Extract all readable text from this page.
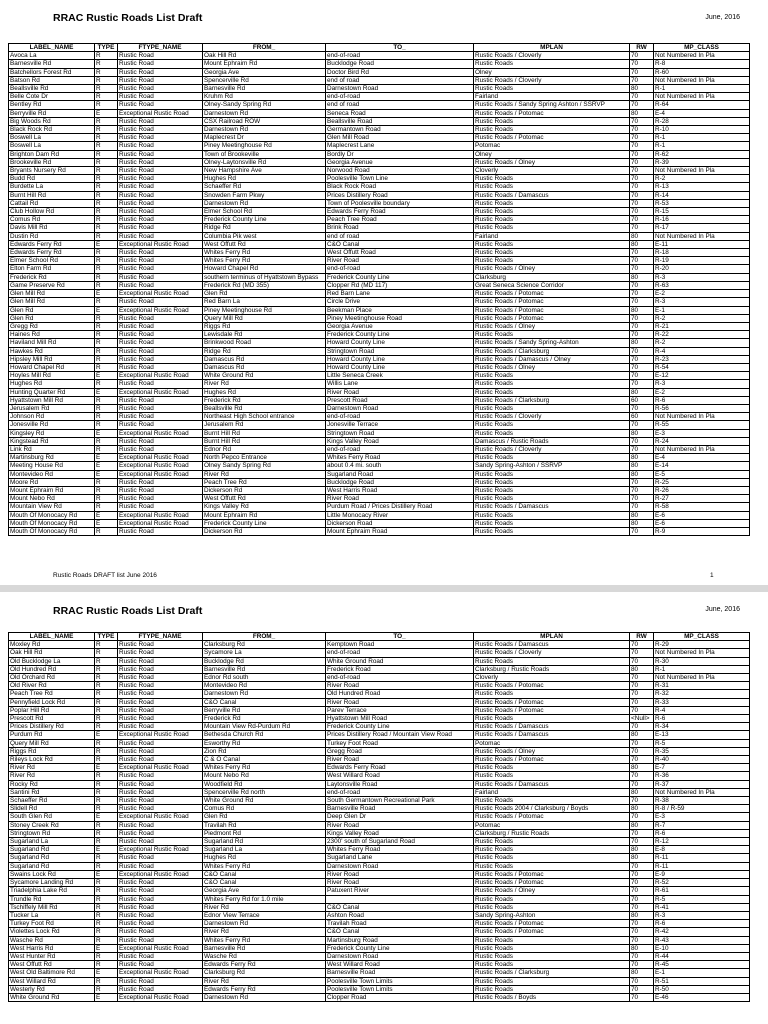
RRAC Rustic Roads List Draft	June, 2016
LABEL_NAME	TYPE	FTYPE_NAME	FROM_	TO_	MPLAN	RW	MP_CLASS
Avoca La	R	Rustic Road	Oak Hill Rd	end-of-road	Rustic Roads / Cloverly	70	Not Numbered In Pla
Barnesville Rd	R	Rustic Road	Mount Ephraim Rd	Bucklodge Road	Rustic Roads	70	R-8
Batchellors Forest Rd	R	Rustic Road	Georgia Ave	Doctor Bird Rd	Olney	70	R-60
Batson Rd	R	Rustic Road	Spencerville Rd	end of road	Rustic Roads / Cloverly	70	Not Numbered In Pla
Beallsville Rd	R	Rustic Road	Barnesville Rd	Darnestown Road	Rustic Roads	80	R-1
Belle Cote Dr	R	Rustic Road	Kruhm Rd	end-of-road	Fairland	70	Not Numbered In Pla
Bentley Rd	R	Rustic Road	Olney-Sandy Spring Rd	end of road	Rustic Roads / Sandy Spring Ashton / SSRVP	70	R-64
Berryville Rd	E	Exceptional Rustic Road	Darnestown Rd	Seneca Road	Rustic Roads / Potomac	80	E-4
Big Woods Rd	R	Rustic Road	CSX Railroad ROW	Beallsville Road	Rustic Roads	70	R-28
Black Rock Rd	R	Rustic Road	Darnestown Rd	Germantown Road	Rustic Roads	70	R-10
Boswell La	R	Rustic Road	Maplecrest Dr	Glen Mill Road	Rustic Roads / Potomac	70	R-1
Boswell La	R	Rustic Road	Piney Meetinghouse Rd	Maplecrest Lane	Potomac	70	R-1
Brighton Dam Rd	R	Rustic Road	Town of Brookeville	Bordly Dr	Olney	70	R-62
Brookeville Rd	R	Rustic Road	Olney-Laytonsville Rd	Georgia Avenue	Rustic Roads / Olney	70	R-39
Bryants Nursery Rd	R	Rustic Road	New Hampshire Ave	Norwood Road	Cloverly	70	Not Numbered In Pla
Budd Rd	R	Rustic Road	Hughes Rd	Poolesville Town Line	Rustic Roads	70	R-2
Burdette La	R	Rustic Road	Schaeffer Rd	Black Rock Road	Rustic Roads	70	R-13
Burnt Hill Rd	R	Rustic Road	Snowden Farm Pkwy	Prices Distillery Road	Rustic Roads / Damascus	70	R-14
Cattail Rd	R	Rustic Road	Darnestown Rd	Town of Poolesville boundary	Rustic Roads	70	R-53
Club Hollow Rd	R	Rustic Road	Elmer School Rd	Edwards Ferry Road	Rustic Roads	70	R-15
Comus Rd	R	Rustic Road	Frederick County Line	Peach Tree Road	Rustic Roads	70	R-16
Davis Mill Rd	R	Rustic Road	Ridge Rd	Brink Road	Rustic Roads	70	R-17
Dustin Rd	R	Rustic Road	Columbia Pik west	end of road	Fairland	80	Not Numbered In Pla
Edwards Ferry Rd	E	Exceptional Rustic Road	West Offutt Rd	C&O Canal	Rustic Roads	80	E-11
Edwards Ferry Rd	R	Rustic Road	Whites Ferry Rd	West Offutt Road	Rustic Roads	70	R-18
Elmer School Rd	R	Rustic Road	Whites Ferry Rd	River Road	Rustic Roads	70	R-19
Elton Farm Rd	R	Rustic Road	Howard Chapel Rd	end-of-road	Rustic Roads / Olney	70	R-20
Frederick Rd	R	Rustic Road	southern terminus of Hyattstown Bypass	Frederick County Line	Clarksburg	80	R-3
Game Preserve Rd	R	Rustic Road	Frederick Rd (MD 355)	Clopper Rd (MD 117)	Great Seneca Science Corridor	70	R-63
Glen Mill Rd	E	Exceptional Rustic Road	Glen Rd	Red Barn Lane	Rustic Roads / Potomac	70	E-2
Glen Mill Rd	R	Rustic Road	Red Barn La	Circle Drive	Rustic Roads / Potomac	70	R-3
Glen Rd	E	Exceptional Rustic Road	Piney Meetinghouse Rd	Beekman Place	Rustic Roads / Potomac	80	E-1
Glen Rd	R	Rustic Road	Query Mill Rd	Piney Meetinghouse Road	Rustic Roads / Potomac	70	R-2
Gregg Rd	R	Rustic Road	Riggs Rd	Georgia Avenue	Rustic Roads / Olney	70	R-21
Haines Rd	R	Rustic Road	Lewisdale Rd	Frederick County Line	Rustic Roads	70	R-22
Haviland Mill Rd	R	Rustic Road	Brinkwood Road	Howard County Line	Rustic Roads / Sandy Spring-Ashton	80	R-2
Hawkes Rd	R	Rustic Road	Ridge Rd	Stringtown Road	Rustic Roads / Clarksburg	70	R-4
Hipsley Mill Rd	R	Rustic Road	Damascus Rd	Howard County Line	Rustic Roads / Damascus / Olney	70	R-23
Howard Chapel Rd	R	Rustic Road	Damascus Rd	Howard County Line	Rustic Roads / Olney	70	R-54
Hoyles Mill Rd	E	Exceptional Rustic Road	White Ground Rd	Little Seneca Creek	Rustic Roads	70	E-12
Hughes Rd	R	Rustic Road	River Rd	Willis Lane	Rustic Roads	70	R-3
Hunting Quarter Rd	E	Exceptional Rustic Road	Hughes Rd	River Road	Rustic Roads	80	E-2
Hyattstown Mill Rd	R	Rustic Road	Frederick Rd	Prescott Road	Rustic Roads / Clarksburg	60	R-6
Jerusalem Rd	R	Rustic Road	Beallsville Rd	Darnestown Road	Rustic Roads	70	R-56
Johnson Rd	R	Rustic Road	Northeast High School entrance	end-of-road	Rustic Roads / Cloverly	60	Not Numbered In Pla
Jonesville Rd	R	Rustic Road	Jerusalem Rd	Jonesville Terrace	Rustic Roads	70	R-55
Kingsley Rd	E	Exceptional Rustic Road	Burnt Hill Rd	Stringtown Road	Rustic Roads	80	E-3
Kingstead Rd	R	Rustic Road	Burnt Hill Rd	Kings Valley Road	Damascus / Rustic Roads	70	R-24
Link Rd	R	Rustic Road	Ednor Rd	end-of-road	Rustic Roads / Cloverly	70	Not Numbered In Pla
Martinsburg Rd	E	Exceptional Rustic Road	North Pepco Entrance	Whites Ferry Road	Rustic Roads	80	E-4
Meeting House Rd	E	Exceptional Rustic Road	Olney Sandy Spring Rd	about 0.4 mi. south	Sandy Spring-Ashton / SSRVP	80	E-14
Montevideo Rd	E	Exceptional Rustic Road	River Rd	Sugarland Road	Rustic Roads	80	E-5
Moore Rd	R	Rustic Road	Peach Tree Rd	Bucklodge Road	Rustic Roads	70	R-25
Mount Ephraim Rd	R	Rustic Road	Dickerson Rd	West Harris Road	Rustic Roads	70	R-26
Mount Nebo Rd	R	Rustic Road	West Offutt Rd	River Road	Rustic Roads	70	R-27
Mountain View Rd	R	Rustic Road	Kings Valley Rd	Purdum Road / Prices Distillery Road	Rustic Roads / Damascus	70	R-58
Mouth Of Monocacy Rd	E	Exceptional Rustic Road	Mount Ephraim Rd	Little Monocacy River	Rustic Roads	80	E-6
Mouth Of Monocacy Rd	E	Exceptional Rustic Road	Frederick County Line	Dickerson Road	Rustic Roads	80	E-6
Mouth Of Monocacy Rd	R	Rustic Road	Dickerson Rd	Mount Ephraim Road	Rustic Roads	70	R-9
Rustic Roads DRAFT list June 2016	1
RRAC Rustic Roads List Draft	June, 2016
LABEL_NAME	TYPE	FTYPE_NAME	FROM_	TO_	MPLAN	RW	MP_CLASS
Moxley Rd	R	Rustic Road	Clarksburg Rd	Kemptown Road	Rustic Roads / Damascus	70	R-29
Oak Hill Rd	R	Rustic Road	Sycamore La	end-of-road	Rustic Roads / Cloverly	70	Not Numbered In Pla
Old Bucklodge La	R	Rustic Road	Bucklodge Rd	White Ground Road	Rustic Roads	70	R-30
Old Hundred Rd	R	Rustic Road	Barnesville Rd	Frederick Road	Clarksburg / Rustic Roads	80	R-1
Old Orchard Rd	R	Rustic Road	Ednor Rd south	end-of-road	Cloverly	70	Not Numbered In Pla
Old River Rd	R	Rustic Road	Montevideo Rd	River Road	Rustic Roads / Potomac	70	R-31
Peach Tree Rd	R	Rustic Road	Darnestown Rd	Old Hundred Road	Rustic Roads	70	R-32
Pennyfield Lock Rd	R	Rustic Road	C&O Canal	River Road	Rustic Roads / Potomac	70	R-33
Poplar Hill Rd	R	Rustic Road	Berryville Rd	Parev Terrace	Rustic Roads / Potomac	70	R-4
Prescott Rd	R	Rustic Road	Frederick Rd	Hyattstown Mill Road	Rustic Roads	<Null>	R-6
Prices Distillery Rd	R	Rustic Road	Mountain View Rd-Purdum Rd	Frederick County Line	Rustic Roads / Damascus	70	R-34
Purdum Rd	E	Exceptional Rustic Road	Bethesda Church Rd	Prices Distillery Road / Mountain View Road	Rustic Roads / Damascus	80	E-13
Query Mill Rd	R	Rustic Road	Esworthy Rd	Turkey Foot Road	Potomac	70	R-5
Riggs Rd	R	Rustic Road	Zion Rd	Gregg Road	Rustic Roads / Olney	70	R-35
Rileys Lock Rd	R	Rustic Road	C & O Canal	River Road	Rustic Roads / Potomac	70	R-40
River Rd	E	Exceptional Rustic Road	Whites Ferry Rd	Edwards Ferry Road	Rustic Roads	80	E-7
River Rd	R	Rustic Road	Mount Nebo Rd	West Willard Road	Rustic Roads	70	R-36
Rocky Rd	R	Rustic Road	Woodfield Rd	Laytonsville Road	Rustic Roads / Damascus	70	R-37
Santini Rd	R	Rustic Road	Spencerville Rd north	end-of-road	Fairland	80	Not Numbered In Pla
Schaeffer Rd	R	Rustic Road	White Ground Rd	South Germantown Recreational Park	Rustic Roads	70	R-38
Slidell Rd	R	Rustic Road	Comus Rd	Barnesville Road	Rustic Roads 2004 / Clarksburg / Boyds	80	R-8 / R-59
South Glen Rd	E	Exceptional Rustic Road	Glen Rd	Deep Glen Dr	Rustic Roads / Potomac	70	E-3
Stoney Creek Rd	R	Rustic Road	Travilah Rd	River Road	Potomac	80	R-7
Stringtown Rd	R	Rustic Road	Piedmont Rd	Kings Valley Road	Clarksburg / Rustic Roads	70	R-6
Sugarland La	R	Rustic Road	Sugarland Rd	2300' south of Sugarland Road	Rustic Roads	70	R-12
Sugarland Rd	E	Exceptional Rustic Road	Sugarland La	Whites Ferry Road	Rustic Roads	80	E-8
Sugarland Rd	R	Rustic Road	Hughes Rd	Sugarland Lane	Rustic Roads	80	R-11
Sugarland Rd	R	Rustic Road	Whites Ferry Rd	Darnestown Road	Rustic Roads	70	R-11
Swains Lock Rd	E	Exceptional Rustic Road	C&O Canal	River Road	Rustic Roads / Potomac	70	E-9
Sycamore Landing Rd	R	Rustic Road	C&O Canal	River Road	Rustic Roads / Potomac	70	R-52
Triadelphia Lake Rd	R	Rustic Road	Georgia Ave	Patuxent River	Rustic Roads / Olney	70	R-61
Trundle Rd	R	Rustic Road	Whites Ferry Rd for 1.0 mile		Rustic Roads	70	R-5
Tschiffely Mill Rd	R	Rustic Road	River Rd	C&O Canal	Rustic Roads	70	R-41
Tucker La	R	Rustic Road	Ednor View Terrace	Ashton Road	Sandy Spring-Ashton	80	R-3
Turkey Foot Rd	R	Rustic Road	Darnestown Rd	Travilah Road	Rustic Roads / Potomac	70	R-6
Violettes Lock Rd	R	Rustic Road	River Rd	C&O Canal	Rustic Roads / Potomac	70	R-42
Wasche Rd	R	Rustic Road	Whites Ferry Rd	Martinsburg Road	Rustic Roads	70	R-43
West Harris Rd	E	Exceptional Rustic Road	Barnesville Rd	Frederick County Line	Rustic Roads	80	E-10
West Hunter Rd	R	Rustic Road	Wasche Rd	Darnestown Road	Rustic Roads	70	R-44
West Offutt Rd	R	Rustic Road	Edwards Ferry Rd	West Willard Road	Rustic Roads	70	R-45
West Old Baltimore Rd	E	Exceptional Rustic Road	Clarksburg Rd	Barnesville Road	Rustic Roads / Clarksburg	80	E-1
West Willard Rd	R	Rustic Road	River Rd	Poolesville Town Limits	Rustic Roads	70	R-51
Westerly Rd	R	Rustic Road	Edwards Ferry Rd	Poolesville Town Limits	Rustic Roads	70	R-50
White Ground Rd	E	Exceptional Rustic Road	Darnestown Rd	Clopper Road	Rustic Roads / Boyds	70	E-46
